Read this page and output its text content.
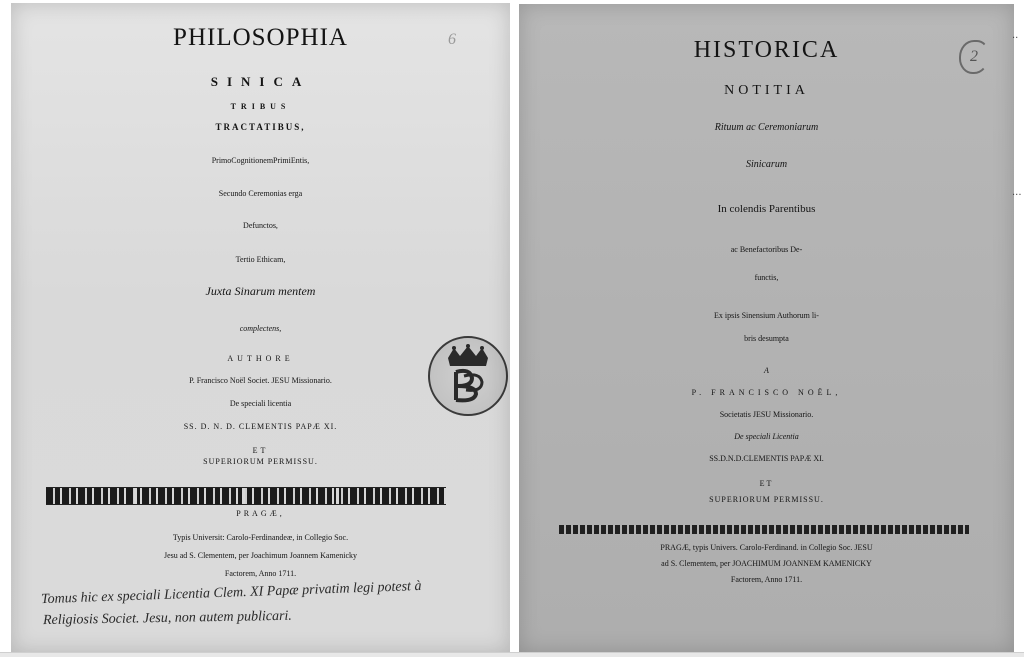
PHILOSOPHIA
SINICA
TRIBUS
TRACTATIBUS,
PrimoCognitionemPrimiEntis,
Secundo Ceremonias erga
Defunctos,
Tertio Ethicam,
Juxta Sinarum mentem
complectens,
AUTHORE
P. Francisco Noël Societ. JESU Missionario.
De speciali licentia
SS. D. N. D. CLEMENTIS PAPÆ XI.
ET
SUPERIORUM PERMISSU.
PRAGÆ,
Typis Universit: Carolo-Ferdinandeæ, in Collegio Soc.
Jesu ad S. Clementem, per Joachimum Joannem Kamenicky
Factorem, Anno 1711.
Tomus hic ex speciali Licentia Clem. XI Papæ privatim legi potest à
Religiosis Societ. Jesu, non autem publicari.
6	HISTORICA
NOTITIA
Rituum ac Ceremoniarum
Sinicarum
In colendis Parentibus
ac Benefactoribus De-
functis,
Ex ipsis Sinensium Authorum li-
bris desumpta
A
P. FRANCISCO NOËL,
Societatis JESU Missionario.
De speciali Licentia
SS.D.N.D.CLEMENTIS PAPÆ XI.
ET
SUPERIORUM PERMISSU.
PRAGÆ, typis Univers. Carolo-Ferdinand. in Collegio Soc. JESU
ad S. Clementem, per JOACHIMUM JOANNEM KAMENICKY
Factorem, Anno 1711.
2
··
···
